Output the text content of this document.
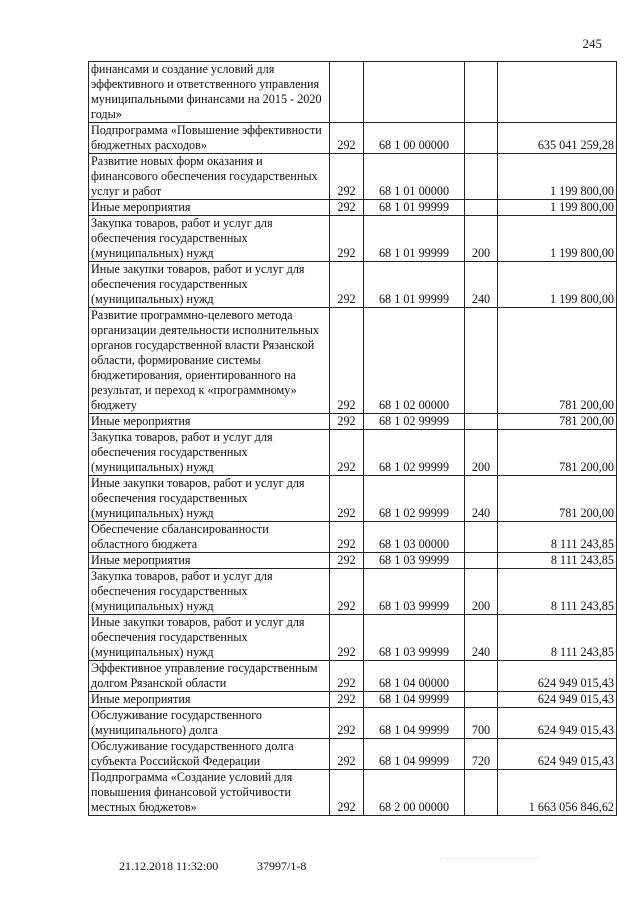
245
финансами и создание условий для эффективного и ответственного управления муниципальными финансами на 2015 - 2020 годы»				
Подпрограмма «Повышение эффективности бюджетных расходов»	292	68 1 00 00000		635 041 259,28
Развитие новых форм оказания и финансового обеспечения государственных услуг и работ	292	68 1 01 00000		1 199 800,00
Иные мероприятия	292	68 1 01 99999		1 199 800,00
Закупка товаров, работ и услуг для обеспечения государственных (муниципальных) нужд	292	68 1 01 99999	200	1 199 800,00
Иные закупки товаров, работ и услуг для обеспечения государственных (муниципальных) нужд	292	68 1 01 99999	240	1 199 800,00
Развитие программно-целевого метода организации деятельности исполнительных органов государственной власти Рязанской области, формирование системы бюджетирования, ориентированного на результат, и переход к «программному» бюджету	292	68 1 02 00000		781 200,00
Иные мероприятия	292	68 1 02 99999		781 200,00
Закупка товаров, работ и услуг для обеспечения государственных (муниципальных) нужд	292	68 1 02 99999	200	781 200,00
Иные закупки товаров, работ и услуг для обеспечения государственных (муниципальных) нужд	292	68 1 02 99999	240	781 200,00
Обеспечение сбалансированности областного бюджета	292	68 1 03 00000		8 111 243,85
Иные мероприятия	292	68 1 03 99999		8 111 243,85
Закупка товаров, работ и услуг для обеспечения государственных (муниципальных) нужд	292	68 1 03 99999	200	8 111 243,85
Иные закупки товаров, работ и услуг для обеспечения государственных (муниципальных) нужд	292	68 1 03 99999	240	8 111 243,85
Эффективное управление государственным долгом Рязанской области	292	68 1 04 00000		624 949 015,43
Иные мероприятия	292	68 1 04 99999		624 949 015,43
Обслуживание государственного (муниципального) долга	292	68 1 04 99999	700	624 949 015,43
Обслуживание государственного долга субъекта Российской Федерации	292	68 1 04 99999	720	624 949 015,43
Подпрограмма «Создание условий для повышения финансовой устойчивости местных бюджетов»	292	68 2 00 00000		1 663 056 846,62
21.12.2018 11:32:00	37997/1-8
